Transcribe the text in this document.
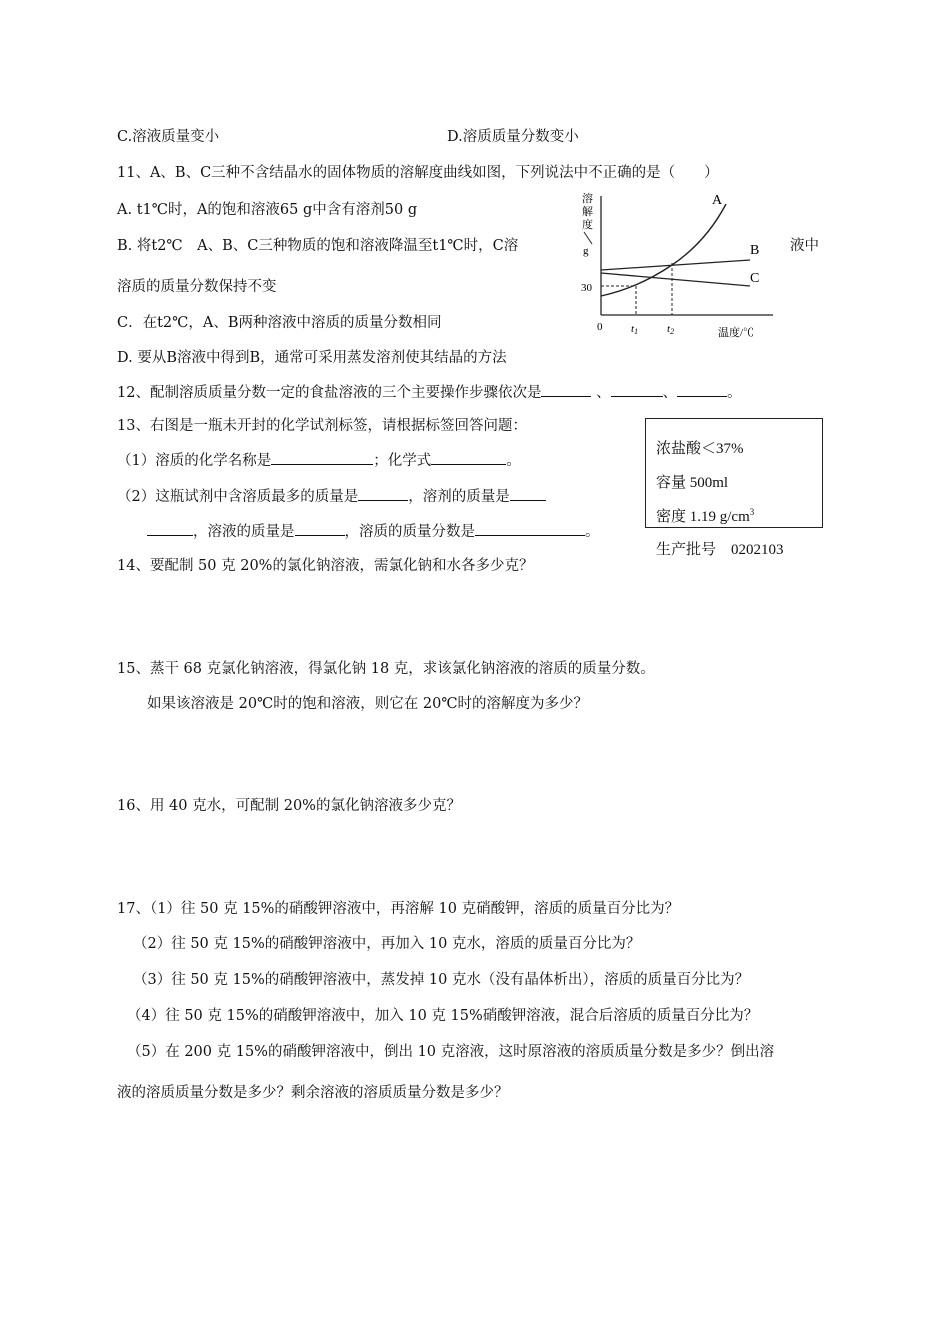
C.溶液质量变小	D.溶质质量分数变小
11、A、B、C三种不含结晶水的固体物质的溶解度曲线如图，下列说法中不正确的是（　　）
A. t1℃时，A的饱和溶液65 g中含有溶剂50 g
B. 将t2℃　A、B、C三种物质的饱和溶液降温至t1℃时，C溶	液中
溶质的质量分数保持不变
C．在t2℃，A、B两种溶液中溶质的质量分数相同
D. 要从B溶液中得到B，通常可采用蒸发溶剂使其结晶的方法
溶
解
度
g
A
B
C
30
0	t1	t2	温度/℃
12、配制溶质质量分数一定的食盐溶液的三个主要操作步骤依次是	、	、	。
13、右图是一瓶未开封的化学试剂标签，请根据标签回答问题：
（1）溶质的化学名称是	；化学式	。
（2）这瓶试剂中含溶质最多的质量是	，溶剂的质量是
，溶液的质量是	，溶质的质量分数是	。
浓盐酸＜37%
容量 500ml
密度 1.19 $g/cm^3$
生产批号 0202103
14、要配制 50 克 20%的氯化钠溶液，需氯化钠和水各多少克？
15、蒸干 68 克氯化钠溶液，得氯化钠 18 克，求该氯化钠溶液的溶质的质量分数。
如果该溶液是 20℃时的饱和溶液，则它在 20℃时的溶解度为多少？
16、用 40 克水，可配制 20%的氯化钠溶液多少克？
17、（1）往 50 克 15%的硝酸钾溶液中，再溶解 10 克硝酸钾，溶质的质量百分比为？
（2）往 50 克 15%的硝酸钾溶液中，再加入 10 克水，溶质的质量百分比为？
（3）往 50 克 15%的硝酸钾溶液中，蒸发掉 10 克水（没有晶体析出），溶质的质量百分比为？
（4）往 50 克 15%的硝酸钾溶液中，加入 10 克 15%硝酸钾溶液，混合后溶质的质量百分比为？
（5）在 200 克 15%的硝酸钾溶液中，倒出 10 克溶液，这时原溶液的溶质质量分数是多少？倒出溶
液的溶质质量分数是多少？剩余溶液的溶质质量分数是多少？
